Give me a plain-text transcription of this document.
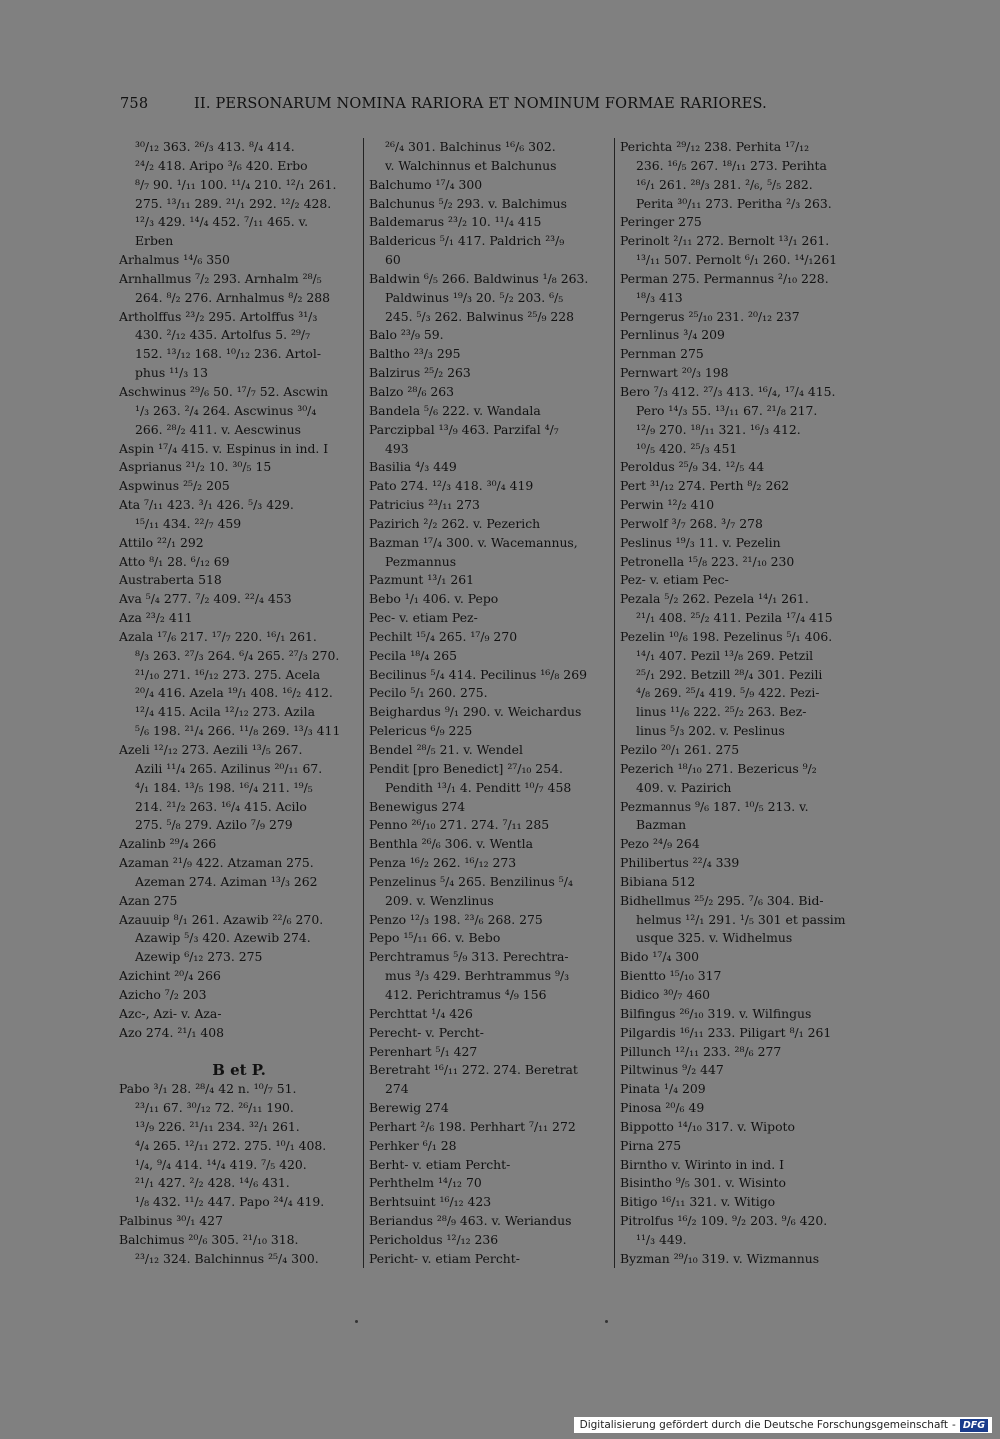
758	II. PERSONARUM NOMINA RARIORA ET NOMINUM FORMAE RARIORES.
³⁰/₁₂ 363. ²⁶/₃ 413. ⁸/₄ 414.
²⁴/₂ 418. Aripo ³/₆ 420. Erbo
⁸/₇ 90. ¹/₁₁ 100. ¹¹/₄ 210. ¹²/₁ 261.
275. ¹³/₁₁ 289. ²¹/₁ 292. ¹²/₂ 428.
¹²/₃ 429. ¹⁴/₄ 452. ⁷/₁₁ 465. v.
Erben
Arhalmus ¹⁴/₆ 350
Arnhallmus ⁷/₂ 293. Arnhalm ²⁸/₅
264. ⁸/₂ 276. Arnhalmus ⁸/₂ 288
Artholffus ²³/₂ 295. Artolffus ³¹/₃
430. ²/₁₂ 435. Artolfus 5. ²⁹/₇
152. ¹³/₁₂ 168. ¹⁰/₁₂ 236. Artol-
phus ¹¹/₃ 13
Aschwinus ²⁹/₆ 50. ¹⁷/₇ 52. Ascwin
¹/₃ 263. ²/₄ 264. Ascwinus ³⁰/₄
266. ²⁸/₂ 411. v. Aescwinus
Aspin ¹⁷/₄ 415. v. Espinus in ind. I
Asprianus ²¹/₂ 10. ³⁰/₅ 15
Aspwinus ²⁵/₂ 205
Ata ⁷/₁₁ 423. ³/₁ 426. ⁵/₃ 429.
¹⁵/₁₁ 434. ²²/₇ 459
Attilo ²²/₁ 292
Atto ⁸/₁ 28. ⁶/₁₂ 69
Austraberta 518
Ava ⁵/₄ 277. ⁷/₂ 409. ²²/₄ 453
Aza ²³/₂ 411
Azala ¹⁷/₆ 217. ¹⁷/₇ 220. ¹⁶/₁ 261.
⁸/₃ 263. ²⁷/₃ 264. ⁶/₄ 265. ²⁷/₃ 270.
²¹/₁₀ 271. ¹⁶/₁₂ 273. 275. Acela
²⁰/₄ 416. Azela ¹⁹/₁ 408. ¹⁶/₂ 412.
¹²/₄ 415. Acila ¹²/₁₂ 273. Azila
⁵/₆ 198. ²¹/₄ 266. ¹¹/₈ 269. ¹³/₃ 411
Azeli ¹²/₁₂ 273. Aezili ¹³/₅ 267.
Azili ¹¹/₄ 265. Azilinus ²⁰/₁₁ 67.
⁴/₁ 184. ¹³/₅ 198. ¹⁶/₄ 211. ¹⁹/₅
214. ²¹/₂ 263. ¹⁶/₄ 415. Acilo
275. ⁵/₈ 279. Azilo ⁷/₉ 279
Azalinb ²⁹/₄ 266
Azaman ²¹/₉ 422. Atzaman 275.
Azeman 274. Aziman ¹³/₃ 262
Azan 275
Azauuip ⁸/₁ 261. Azawib ²²/₆ 270.
Azawip ⁵/₃ 420. Azewib 274.
Azewip ⁶/₁₂ 273. 275
Azichint ²⁰/₄ 266
Azicho ⁷/₂ 203
Azc-, Azi- v. Aza-
Azo 274. ²¹/₁ 408
B et P.
Pabo ³/₁ 28. ²⁸/₄ 42 n. ¹⁰/₇ 51.
²³/₁₁ 67. ³⁰/₁₂ 72. ²⁶/₁₁ 190.
¹³/₉ 226. ²¹/₁₁ 234. ³²/₁ 261.
⁴/₄ 265. ¹²/₁₁ 272. 275. ¹⁰/₁ 408.
¹/₄, ⁹/₄ 414. ¹⁴/₄ 419. ⁷/₅ 420.
²¹/₁ 427. ²/₂ 428. ¹⁴/₆ 431.
¹/₈ 432. ¹¹/₂ 447. Papo ²⁴/₄ 419.
Palbinus ³⁰/₁ 427
Balchimus ²⁰/₆ 305. ²¹/₁₀ 318.
²³/₁₂ 324. Balchinnus ²⁵/₄ 300.
²⁶/₄ 301. Balchinus ¹⁶/₆ 302.
v. Walchinnus et Balchunus
Balchumo ¹⁷/₄ 300
Balchunus ⁵/₂ 293. v. Balchimus
Baldemarus ²³/₂ 10. ¹¹/₄ 415
Baldericus ⁵/₁ 417. Paldrich ²³/₉
60
Baldwin ⁶/₅ 266. Baldwinus ¹/₈ 263.
Paldwinus ¹⁹/₃ 20. ⁵/₂ 203. ⁶/₅
245. ⁵/₃ 262. Balwinus ²⁵/₉ 228
Balo ²³/₉ 59.
Baltho ²³/₃ 295
Balzirus ²⁵/₂ 263
Balzo ²⁸/₆ 263
Bandela ⁵/₆ 222. v. Wandala
Parczipbal ¹³/₉ 463. Parzifal ⁴/₇
493
Basilia ⁴/₃ 449
Pato 274. ¹²/₃ 418. ³⁰/₄ 419
Patricius ²³/₁₁ 273
Pazirich ²/₂ 262. v. Pezerich
Bazman ¹⁷/₄ 300. v. Wacemannus,
Pezmannus
Pazmunt ¹³/₁ 261
Bebo ¹/₁ 406. v. Pepo
Pec- v. etiam Pez-
Pechilt ¹⁵/₄ 265. ¹⁷/₉ 270
Pecila ¹⁸/₄ 265
Becilinus ⁵/₄ 414. Pecilinus ¹⁶/₈ 269
Pecilo ⁵/₁ 260. 275.
Beighardus ⁹/₁ 290. v. Weichardus
Pelericus ⁶/₉ 225
Bendel ²⁸/₅ 21. v. Wendel
Pendit [pro Benedict] ²⁷/₁₀ 254.
Pendith ¹³/₁ 4. Penditt ¹⁰/₇ 458
Benewigus 274
Penno ²⁶/₁₀ 271. 274. ⁷/₁₁ 285
Benthla ²⁶/₆ 306. v. Wentla
Penza ¹⁶/₂ 262. ¹⁶/₁₂ 273
Penzelinus ⁵/₄ 265. Benzilinus ⁵/₄
209. v. Wenzlinus
Penzo ¹²/₃ 198. ²³/₆ 268. 275
Pepo ¹⁵/₁₁ 66. v. Bebo
Perchtramus ⁵/₉ 313. Perechtra-
mus ³/₃ 429. Berhtrammus ⁹/₃
412. Perichtramus ⁴/₉ 156
Perchttat ¹/₄ 426
Perecht- v. Percht-
Perenhart ⁵/₁ 427
Beretraht ¹⁶/₁₁ 272. 274. Beretrat
274
Berewig 274
Perhart ²/₆ 198. Perhhart ⁷/₁₁ 272
Perhker ⁶/₁ 28
Berht- v. etiam Percht-
Perhthelm ¹⁴/₁₂ 70
Berhtsuint ¹⁶/₁₂ 423
Beriandus ²⁸/₉ 463. v. Weriandus
Pericholdus ¹²/₁₂ 236
Pericht- v. etiam Percht-
Perichta ²⁹/₁₂ 238. Perhita ¹⁷/₁₂
236. ¹⁶/₅ 267. ¹⁸/₁₁ 273. Perihta
¹⁶/₁ 261. ²⁸/₃ 281. ²/₆, ⁵/₅ 282.
Perita ³⁰/₁₁ 273. Peritha ²/₃ 263.
Peringer 275
Perinolt ²/₁₁ 272. Bernolt ¹³/₁ 261.
¹³/₁₁ 507. Pernolt ⁶/₁ 260. ¹⁴/₁261
Perman 275. Permannus ²/₁₀ 228.
¹⁸/₃ 413
Perngerus ²⁵/₁₀ 231. ²⁰/₁₂ 237
Pernlinus ³/₄ 209
Pernman 275
Pernwart ²⁰/₃ 198
Bero ⁷/₃ 412. ²⁷/₃ 413. ¹⁶/₄, ¹⁷/₄ 415.
Pero ¹⁴/₃ 55. ¹³/₁₁ 67. ²¹/₈ 217.
¹²/₉ 270. ¹⁸/₁₁ 321. ¹⁶/₃ 412.
¹⁰/₅ 420. ²⁵/₃ 451
Peroldus ²⁵/₉ 34. ¹²/₅ 44
Pert ³¹/₁₂ 274. Perth ⁸/₂ 262
Perwin ¹²/₂ 410
Perwolf ³/₇ 268. ³/₇ 278
Peslinus ¹⁹/₃ 11. v. Pezelin
Petronella ¹⁵/₈ 223. ²¹/₁₀ 230
Pez- v. etiam Pec-
Pezala ⁵/₂ 262. Pezela ¹⁴/₁ 261.
²¹/₁ 408. ²⁵/₂ 411. Pezila ¹⁷/₄ 415
Pezelin ¹⁰/₆ 198. Pezelinus ⁵/₁ 406.
¹⁴/₁ 407. Pezil ¹³/₈ 269. Petzil
²⁵/₁ 292. Betzill ²⁸/₄ 301. Pezili
⁴/₈ 269. ²⁵/₄ 419. ⁵/₉ 422. Pezi-
linus ¹¹/₆ 222. ²⁵/₂ 263. Bez-
linus ⁵/₃ 202. v. Peslinus
Pezilo ²⁰/₁ 261. 275
Pezerich ¹⁸/₁₀ 271. Bezericus ⁹/₂
409. v. Pazirich
Pezmannus ⁹/₆ 187. ¹⁰/₅ 213. v.
Bazman
Pezo ²⁴/₉ 264
Philibertus ²²/₄ 339
Bibiana 512
Bidhellmus ²⁵/₂ 295. ⁷/₆ 304. Bid-
helmus ¹²/₁ 291. ¹/₅ 301 et passim
usque 325. v. Widhelmus
Bido ¹⁷/₄ 300
Bientto ¹⁵/₁₀ 317
Bidico ³⁰/₇ 460
Bilfingus ²⁶/₁₀ 319. v. Wilfingus
Pilgardis ¹⁶/₁₁ 233. Piligart ⁸/₁ 261
Pillunch ¹²/₁₁ 233. ²⁸/₆ 277
Piltwinus ⁹/₂ 447
Pinata ¹/₄ 209
Pinosa ²⁰/₆ 49
Bippotto ¹⁴/₁₀ 317. v. Wipoto
Pirna 275
Birntho v. Wirinto in ind. I
Bisintho ⁹/₅ 301. v. Wisinto
Bitigo ¹⁶/₁₁ 321. v. Witigo
Pitrolfus ¹⁶/₂ 109. ⁹/₂ 203. ⁹/₆ 420.
¹¹/₃ 449.
Byzman ²⁹/₁₀ 319. v. Wizmannus
Digitalisierung gefördert durch die Deutsche Forschungsgemeinschaft - DFG
